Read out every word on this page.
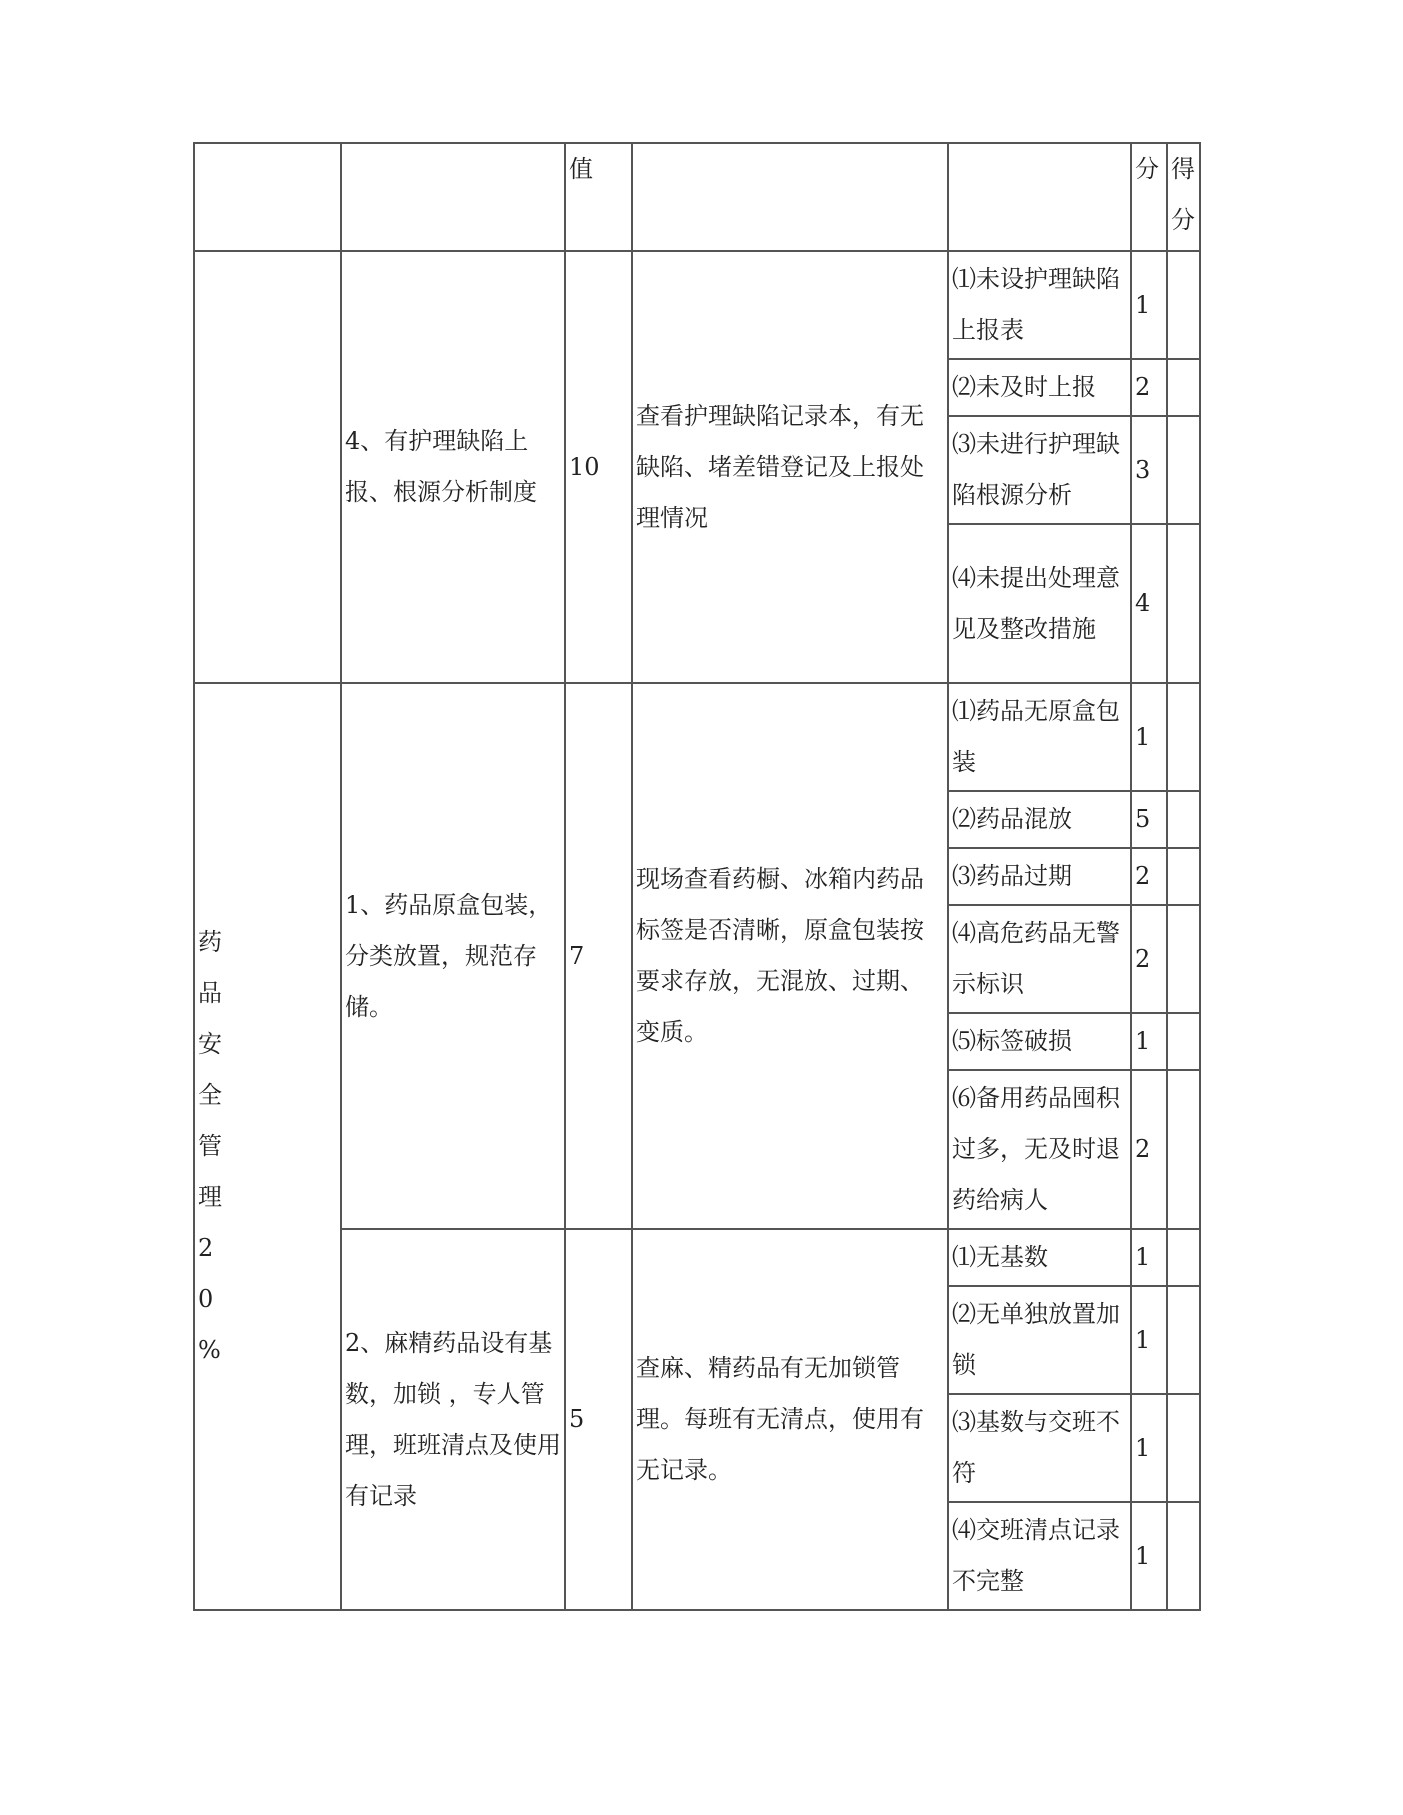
		值			分	得分
	4、有护理缺陷上报、根源分析制度	10	查看护理缺陷记录本，有无缺陷、堵差错登记及上报处理情况	⑴未设护理缺陷上报表	1	
				⑵未及时上报	2	
				⑶未进行护理缺陷根源分析	3	
				⑷未提出处理意见及整改措施	4	

药品安全管理20%	1、药品原盒包装，分类放置，规范存储。	7	现场查看药橱、冰箱内药品标签是否清晰，原盒包装按要求存放，无混放、过期、变质。	⑴药品无原盒包装	1	
				⑵药品混放	5	
				⑶药品过期	2	
				⑷高危药品无警示标识	2	
				⑸标签破损	1	
				⑹备用药品囤积过多，无及时退药给病人	2	
	2、麻精药品设有基数，加锁 ，专人管理，班班清点及使用有记录	5	查麻、精药品有无加锁管理。每班有无清点，使用有无记录。	⑴无基数	1	
				⑵无单独放置加锁	1	
				⑶基数与交班不符	1	
				⑷交班清点记录不完整	1	
